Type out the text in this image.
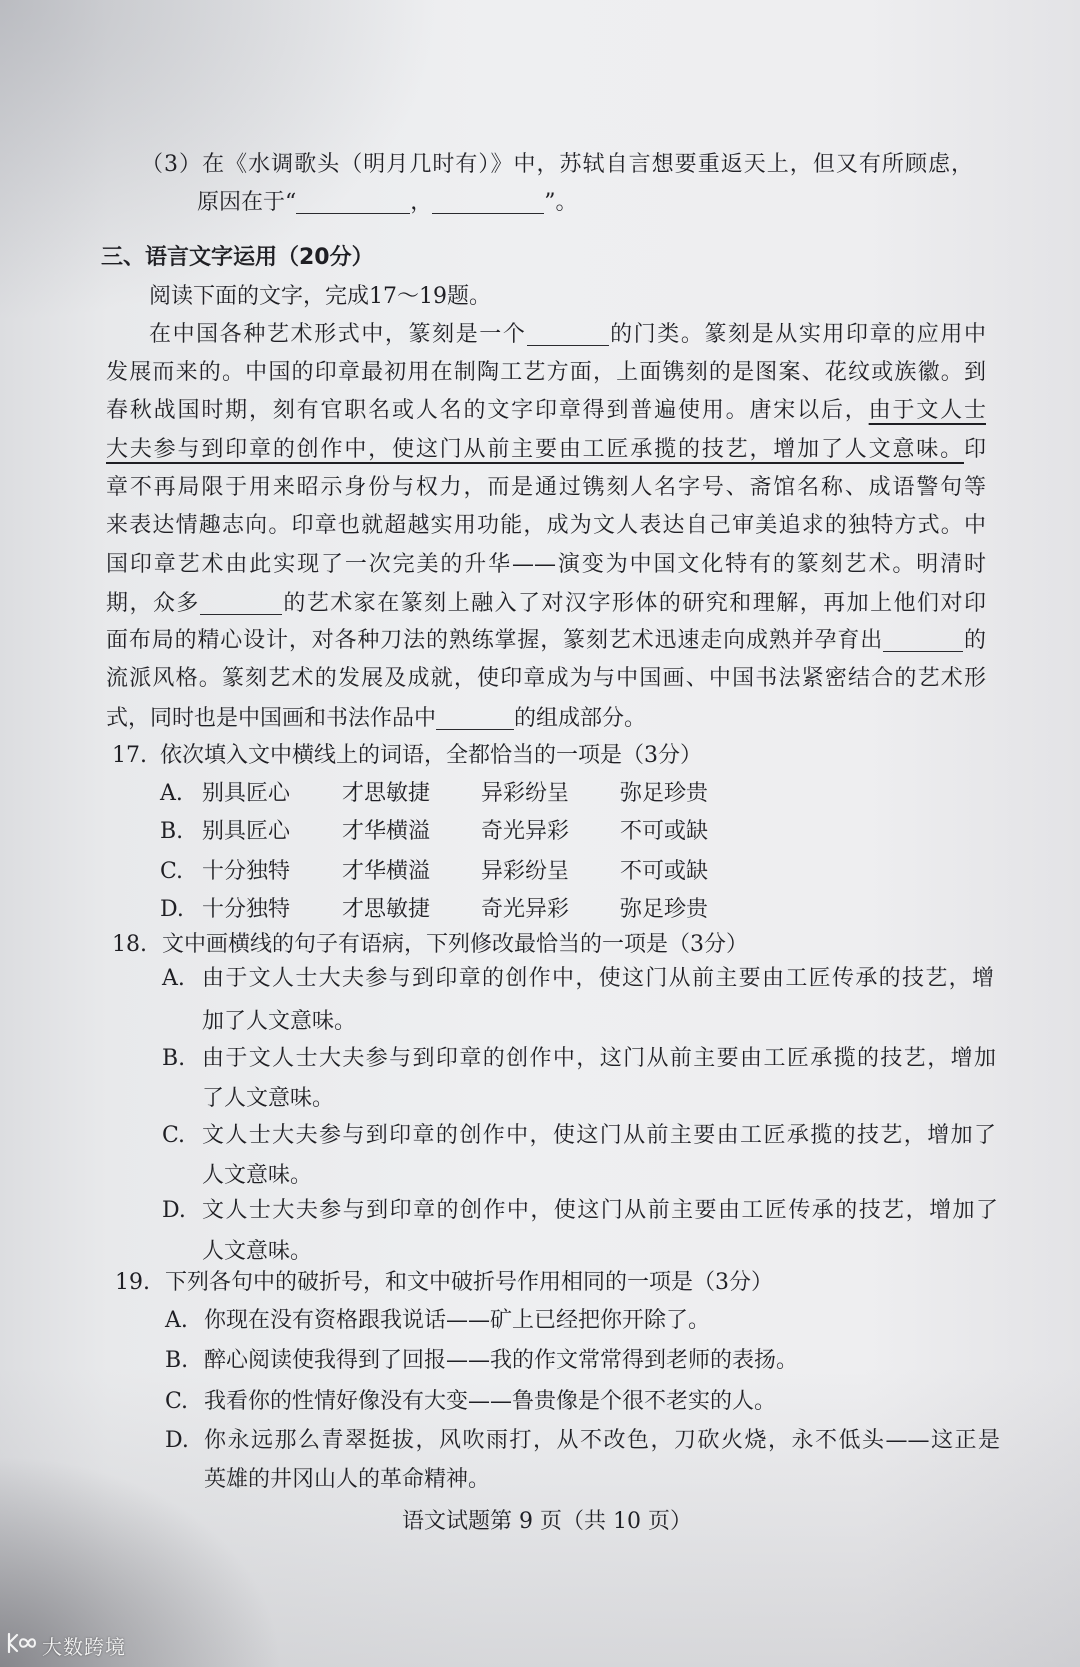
（3）在《水调歌头（明月几时有）》中，苏轼自言想要重返天上，但又有所顾虑，
原因在于“	，	”。
三、语言文字运用（20分）
阅读下面的文字，完成17～19题。
在中国各种艺术形式中，篆刻是一个	的门类。篆刻是从实用印章的应用中
发展而来的。中国的印章最初用在制陶工艺方面，上面镌刻的是图案、花纹或族徽。到
春秋战国时期，刻有官职名或人名的文字印章得到普遍使用。唐宋以后，由于文人士
大夫参与到印章的创作中，使这门从前主要由工匠承揽的技艺，增加了人文意味。印
章不再局限于用来昭示身份与权力，而是通过镌刻人名字号、斋馆名称、成语警句等
来表达情趣志向。印章也就超越实用功能，成为文人表达自己审美追求的独特方式。中
国印章艺术由此实现了一次完美的升华——演变为中国文化特有的篆刻艺术。明清时
期，众多	的艺术家在篆刻上融入了对汉字形体的研究和理解，再加上他们对印
面布局的精心设计，对各种刀法的熟练掌握，篆刻艺术迅速走向成熟并孕育出	的
流派风格。篆刻艺术的发展及成就，使印章成为与中国画、中国书法紧密结合的艺术形
式，同时也是中国画和书法作品中	的组成部分。
17. 依次填入文中横线上的词语，全都恰当的一项是（3分）
A. 别具匠心 才思敏捷 异彩纷呈 弥足珍贵
B. 别具匠心 才华横溢 奇光异彩 不可或缺
C. 十分独特 才华横溢 异彩纷呈 不可或缺
D. 十分独特 才思敏捷 奇光异彩 弥足珍贵
18. 文中画横线的句子有语病，下列修改最恰当的一项是（3分）
A. 由于文人士大夫参与到印章的创作中，使这门从前主要由工匠传承的技艺，增
加了人文意味。
B. 由于文人士大夫参与到印章的创作中，这门从前主要由工匠承揽的技艺，增加
了人文意味。
C. 文人士大夫参与到印章的创作中，使这门从前主要由工匠承揽的技艺，增加了
人文意味。
D. 文人士大夫参与到印章的创作中，使这门从前主要由工匠传承的技艺，增加了
人文意味。
19. 下列各句中的破折号，和文中破折号作用相同的一项是（3分）
A. 你现在没有资格跟我说话——矿上已经把你开除了。
B. 醉心阅读使我得到了回报——我的作文常常得到老师的表扬。
C. 我看你的性情好像没有大变——鲁贵像是个很不老实的人。
D. 你永远那么青翠挺拔，风吹雨打，从不改色，刀砍火烧，永不低头——这正是
英雄的井冈山人的革命精神。
语文试题第 9 页（共 10 页）
大数跨境
